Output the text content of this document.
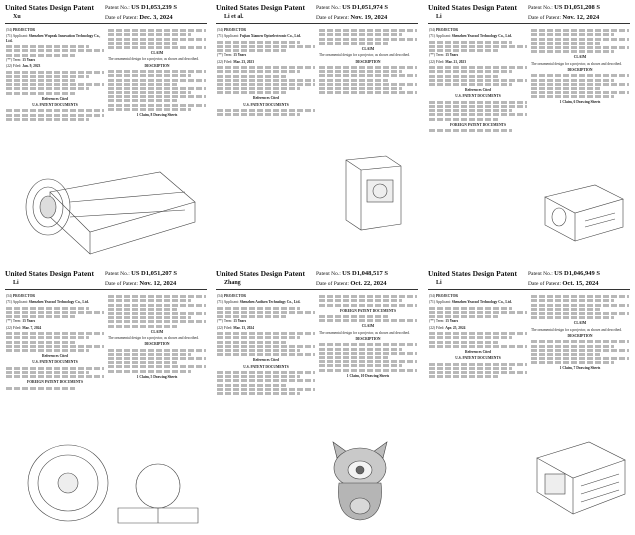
United States Design Patent
Xu
Patent No.: US D1,053,239 S
Date of Patent: Dec. 3, 2024
(54) PROJECTOR
(71) Applicant: Shenzhen Wupeak Innovation Technology Co., Ltd.
(**) Term: 15 Years
(22) Filed: Jan. 9, 2023
References Cited
U.S. PATENT DOCUMENTS
CLAIM
The ornamental design for a projector, as shown and described.
DESCRIPTION
1 Claim, 8 Drawing Sheets
United States Design Patent
Li et al.
Patent No.: US D1,051,974 S
Date of Patent: Nov. 19, 2024
(54) PROJECTOR
(71) Applicant: Fujian Xiamen Optoelectronic Co., Ltd.
(**) Term: 15 Years
(22) Filed: Mar. 23, 2023
References Cited
U.S. PATENT DOCUMENTS
CLAIM
The ornamental design for a projector, as shown and described.
DESCRIPTION
United States Design Patent
Li
Patent No.: US D1,051,208 S
Date of Patent: Nov. 12, 2024
(54) PROJECTOR
(71) Applicant: Shenzhen Yeacool Technology Co., Ltd.
(**) Term: 15 Years
(22) Filed: Mar. 21, 2023
References Cited
U.S. PATENT DOCUMENTS
FOREIGN PATENT DOCUMENTS
CLAIM
The ornamental design for a projector, as shown and described.
DESCRIPTION
1 Claim, 6 Drawing Sheets
United States Design Patent
Li
Patent No.: US D1,051,207 S
Date of Patent: Nov. 12, 2024
(54) PROJECTOR
(71) Applicant: Shenzhen Yeacool Technology Co., Ltd.
(**) Term: 15 Years
(22) Filed: Mar. 7, 2024
References Cited
U.S. PATENT DOCUMENTS
FOREIGN PATENT DOCUMENTS
CLAIM
The ornamental design for a projector, as shown and described.
DESCRIPTION
1 Claim, 5 Drawing Sheets
United States Design Patent
Zhang
Patent No.: US D1,048,517 S
Date of Patent: Oct. 22, 2024
(54) PROJECTOR
(71) Applicant: Shenzhen Aodisen Technology Co., Ltd.
(**) Term: 15 Years
(22) Filed: Mar. 13, 2024
References Cited
U.S. PATENT DOCUMENTS
FOREIGN PATENT DOCUMENTS
CLAIM
The ornamental design for a projector, as shown and described.
DESCRIPTION
1 Claim, 10 Drawing Sheets
United States Design Patent
Li
Patent No.: US D1,046,949 S
Date of Patent: Oct. 15, 2024
(54) PROJECTOR
(71) Applicant: Shenzhen Yeacool Technology Co., Ltd.
(**) Term: 15 Years
(22) Filed: Apr. 25, 2024
References Cited
U.S. PATENT DOCUMENTS
CLAIM
The ornamental design for a projector, as shown and described.
DESCRIPTION
1 Claim, 7 Drawing Sheets
